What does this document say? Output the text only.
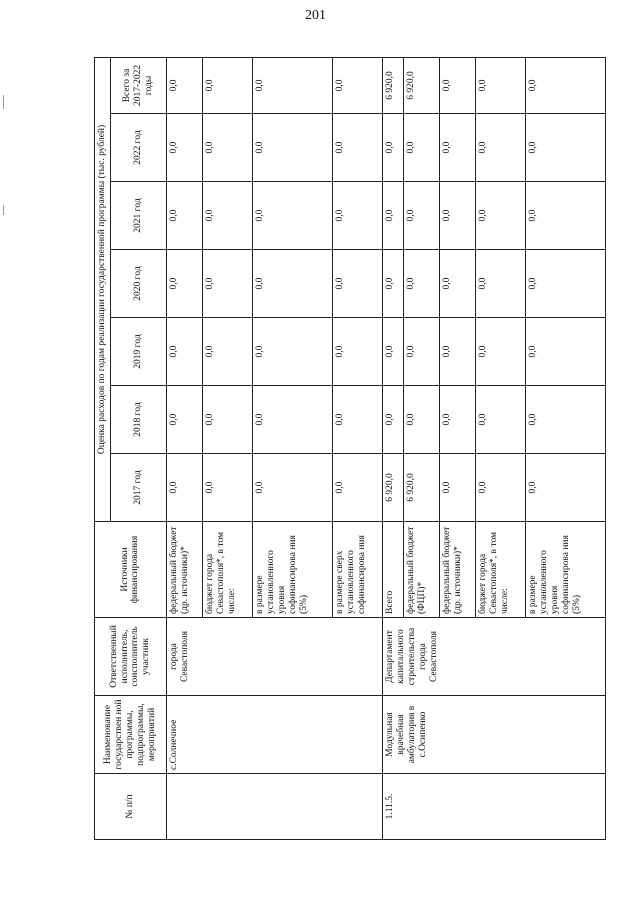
201
№ п/п	Наименование государствен ной программы, подпрограммы, мероприятий	Ответственный исполнитель, соисполнитель участник	Источники финансирования	Оценка расходов по годам реализации государственной программы (тыс. рублей)						
				2017 год	2018 год	2019 год	2020 год	2021 год	2022 год	Всего за 2017-2022 годы
	с.Солнечное	города Севастополя	федеральный бюджет (др. источники)*	0,0	0,0	0,0	0,0	0,0	0,0	0,0
			бюджет города Севастополя*, в том числе:	0,0	0,0	0,0	0,0	0,0	0,0	0,0
			в размере установленного уровня софинансирова ния (5%)	0,0	0,0	0,0	0,0	0,0	0,0	0,0
			в размере сверх установленного софинансирова ния	0,0	0,0	0,0	0,0	0,0	0,0	0,0
1.11.5.	Модульная врачебная амбулатория в с.Осипенко	Департамент капитального строительства города Севастополя	Всего	6 920,0	0,0	0,0	0,0	0,0	0,0	6 920,0
			федеральный бюджет (ФЦП)*	6 920,0	0,0	0,0	0,0	0,0	0,0	6 920,0
			федеральный бюджет (др. источники)*	0,0	0,0	0,0	0,0	0,0	0,0	0,0
			бюджет города Севастополя*, в том числе:	0,0	0,0	0,0	0,0	0,0	0,0	0,0
			в размере установленного уровня софинансирова ния (5%)	0,0	0,0	0,0	0,0	0,0	0,0	0,0
